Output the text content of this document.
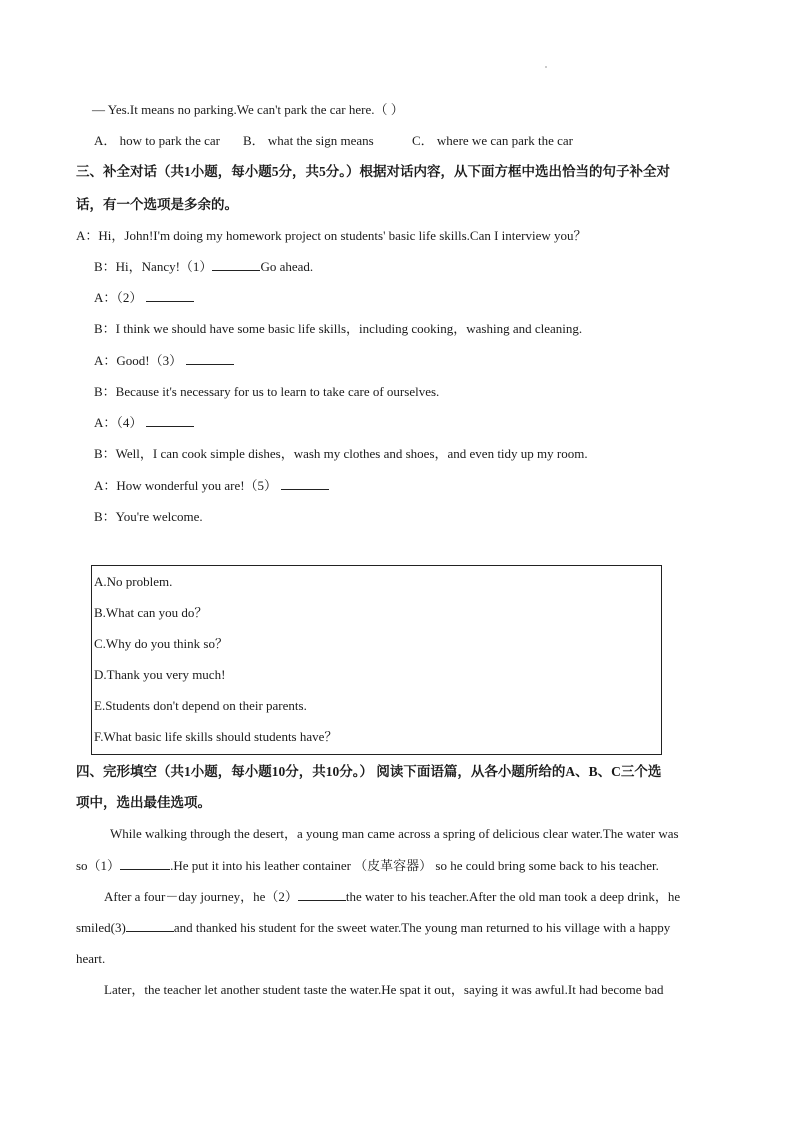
— Yes.It means no parking.We can't park the car here.（ ）
A． how to park the car B． what the sign means	C． where we can park the car
三、补全对话（共1小题，每小题5分，共5分。）根据对话内容，从下面方框中选出恰当的句子补全对
话，有一个选项是多余的。
A：Hi，John!I'm doing my homework project on students' basic life skills.Can I interview you？
B：Hi，Nancy!（1）	Go ahead.
A：（2）
B：I think we should have some basic life skills，including cooking，washing and cleaning.
A：Good!（3）
B：Because it's necessary for us to learn to take care of ourselves.
A：（4）
B：Well，I can cook simple dishes，wash my clothes and shoes，and even tidy up my room.
A：How wonderful you are!（5）
B：You're welcome.
A.No problem.
B.What can you do？
C.Why do you think so？
D.Thank you very much!
E.Students don't depend on their parents.
F.What basic life skills should students have？
四、完形填空（共1小题，每小题10分，共10分。） 阅读下面语篇，从各小题所给的A、B、C三个选
项中，选出最佳选项。
While walking through the desert，a young man came across a spring of delicious clear water.The water was
so（1）	.He put it into his leather container （皮革容器） so he could bring some back to his teacher.
After a four－day journey，he（2）	the water to his teacher.After the old man took a deep drink，he
smiled(3)	and thanked his student for the sweet water.The young man returned to his village with a happy
heart.
Later，the teacher let another student taste the water.He spat it out，saying it was awful.It had become bad
